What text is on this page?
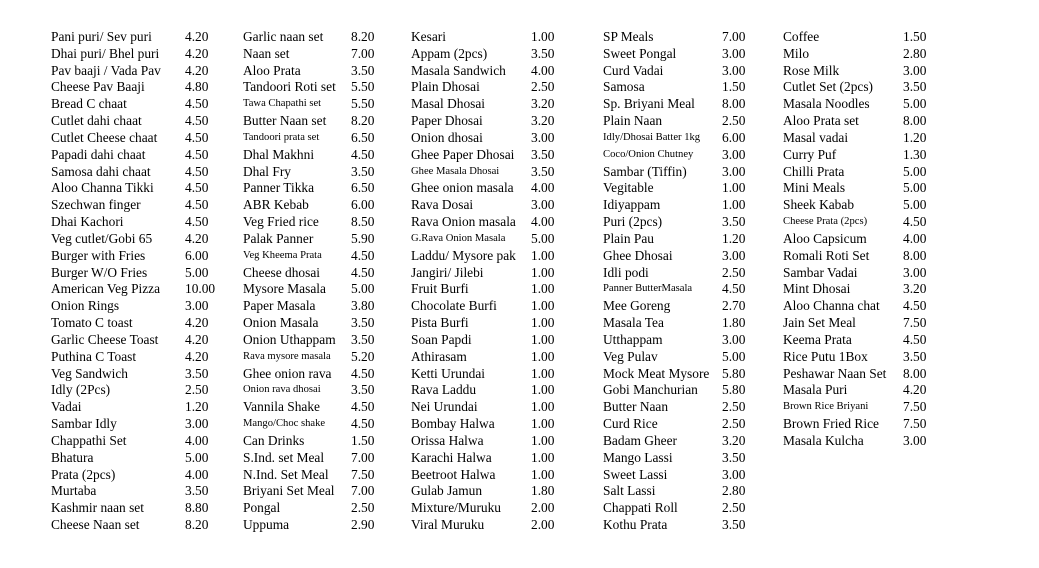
Pani puri/ Sev puri 4.20
Dhai puri/ Bhel puri 4.20
Pav baaji / Vada Pav 4.20
Cheese Pav Baaji	4.80
Bread C chaat	4.50
Cutlet dahi chaat	4.50
Cutlet Cheese chaat 4.50
Papadi dahi chaat	4.50
Samosa dahi chaat	4.50
Aloo Channa Tikki 4.50
Szechwan finger	4.50
Dhai Kachori	4.50
Veg cutlet/Gobi 65 4.20
Burger with Fries	6.00
Burger W/O Fries	5.00
American Veg Pizza 10.00
Onion Rings	3.00
Tomato C toast	4.20
Garlic Cheese Toast 4.20
Puthina C Toast	4.20
Veg Sandwich	3.50
Idly (2Pcs)	2.50
Vadai	1.20
Sambar Idly	3.00
Chappathi Set	4.00
Bhatura	5.00
Prata (2pcs)	4.00
Murtaba	3.50
Kashmir naan set	8.80
Cheese Naan set	8.20
Garlic naan set 8.20
Naan set	7.00
Aloo Prata	3.50
Tandoori Roti set 5.50
Tawa Chapathi set 5.50
Butter Naan set 8.20
Tandoori prata set 6.50
Dhal Makhni	4.50
Dhal Fry	3.50
Panner Tikka	6.50
ABR Kebab	6.00
Veg Fried rice 8.50
Palak Panner	5.90
Veg Kheema Prata 4.50
Cheese dhosai 4.50
Mysore Masala 5.00
Paper Masala	3.80
Onion Masala 3.50
Onion Uthappam 3.50
Rava mysore masala 5.20
Ghee onion rava 4.50
Onion rava dhosai 3.50
Vannila Shake 4.50
Mango/Choc shake 4.50
Can Drinks	1.50
S.Ind. set Meal 7.00
N.Ind. Set Meal 7.50
Briyani Set Meal 7.00
Pongal	2.50
Uppuma	2.90
Kesari	1.00
Appam (2pcs)	3.50
Masala Sandwich 4.00
Plain Dhosai	2.50
Masal Dhosai	3.20
Paper Dhosai	3.20
Onion dhosai	3.00
Ghee Paper Dhosai 3.50
Ghee Masala Dhosai 3.50
Ghee onion masala 4.00
Rava Dosai	3.00
Rava Onion masala 4.00
G.Rava Onion Masala 5.00
Laddu/ Mysore pak 1.00
Jangiri/ Jilebi	1.00
Fruit Burfi	1.00
Chocolate Burfi	1.00
Pista Burfi	1.00
Soan Papdi	1.00
Athirasam	1.00
Ketti Urundai	1.00
Rava Laddu	1.00
Nei Urundai	1.00
Bombay Halwa	1.00
Orissa Halwa	1.00
Karachi Halwa	1.00
Beetroot Halwa	1.00
Gulab Jamun	1.80
Mixture/Muruku 2.00
Viral Muruku	2.00
SP Meals	7.00
Sweet Pongal	3.00
Curd Vadai	3.00
Samosa	1.50
Sp. Briyani Meal 8.00
Plain Naan	2.50
Idly/Dhosai Batter 1kg 6.00
Coco/Onion Chutney 3.00
Sambar (Tiffin)	3.00
Vegitable	1.00
Idiyappam	1.00
Puri (2pcs)	3.50
Plain Pau	1.20
Ghee Dhosai	3.00
Idli podi	2.50
Panner ButterMasala 4.50
Mee Goreng	2.70
Masala Tea	1.80
Utthappam	3.00
Veg Pulav	5.00
Mock Meat Mysore 5.80
Gobi Manchurian 5.80
Butter Naan	2.50
Curd Rice	2.50
Badam Gheer	3.20
Mango Lassi	3.50
Sweet Lassi	3.00
Salt Lassi	2.80
Chappati Roll	2.50
Kothu Prata	3.50
Coffee	1.50
Milo	2.80
Rose Milk	3.00
Cutlet Set (2pcs) 3.50
Masala Noodles 5.00
Aloo Prata set	8.00
Masal vadai	1.20
Curry Puf	1.30
Chilli Prata	5.00
Mini Meals	5.00
Sheek Kabab	5.00
Cheese Prata (2pcs)	4.50
Aloo Capsicum	4.00
Romali Roti Set	8.00
Sambar Vadai	3.00
Mint Dhosai	3.20
Aloo Channa chat 4.50
Jain Set Meal	7.50
Keema Prata	4.50
Rice Putu 1Box	3.50
Peshawar Naan Set 8.00
Masala Puri	4.20
Brown Rice Briyani	7.50
Brown Fried Rice 7.50
Masala Kulcha	3.00
